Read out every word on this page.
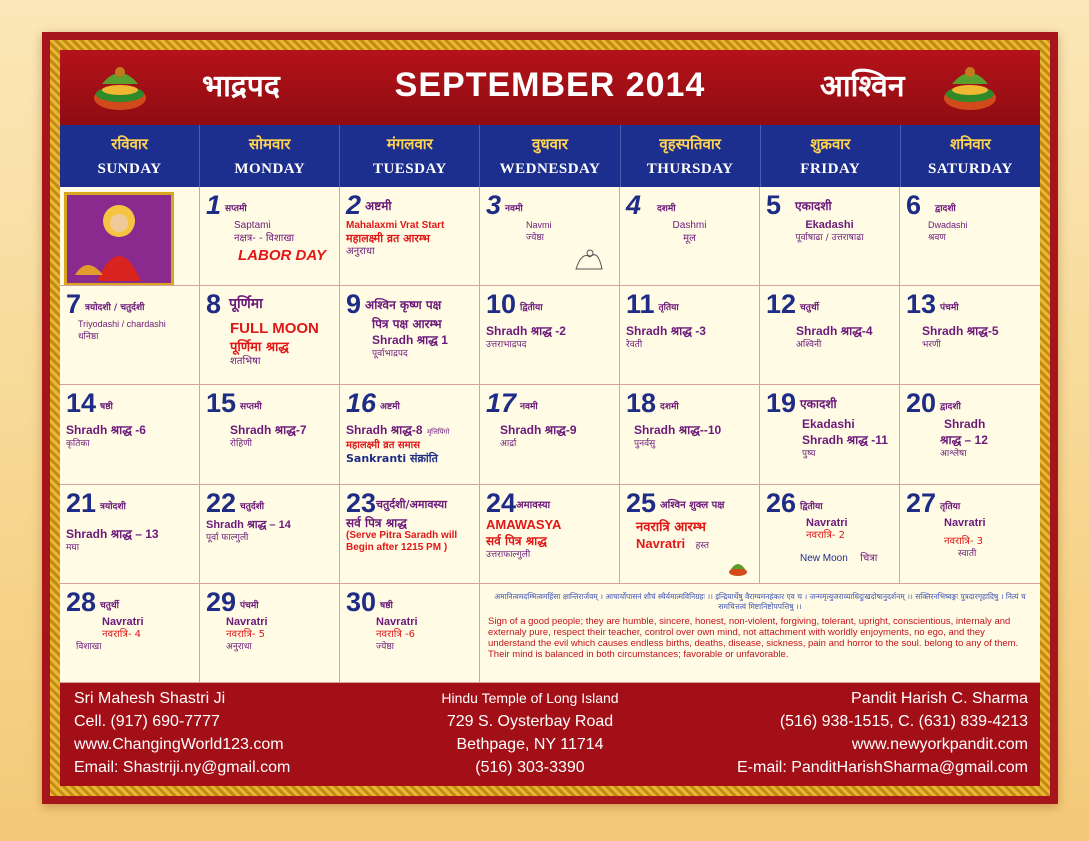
भाद्रपद	SEPTEMBER 2014	आश्विन
रविवार
SUNDAY
सोमवार
MONDAY
मंगलवार
TUESDAY
वुधवार
WEDNESDAY
वृहस्पतिवार
THURSDAY
शुक्रवार
FRIDAY
शनिवार
SATURDAY
1 सप्तमी
Saptami
नक्षत्र- - विशाखा
LABOR DAY
2 अष्टमी
Mahalaxmi Vrat Start
महालक्ष्मी व्रत आरम्भ
अनुराधा
3 नवमी
Navmi
ज्येष्ठा
4 दशमी
Dashmi
मूल
5 एकादशी
Ekadashi
पूर्वाषाढा / उत्तराषाढा
6 द्वादशी
Dwadashi
श्रवण
7 त्रयोदशी / चतुर्दशी
Triyodashi / chardashi
धनिष्ठा
8 पूर्णिमा
FULL MOON
पूर्णिमा श्राद्ध
शतभिषा
9 अश्विन कृष्ण पक्ष
पित्र पक्ष आरम्भ
Shradh श्राद्ध 1
पूर्वाभाद्रपद
10 द्वितीया
Shradh श्राद्ध -2
उत्तराभाद्रपद
11 तृतिया
Shradh श्राद्ध -3
रेवती
12 चतुर्थी
Shradh श्राद्ध-4
अश्विनी
13 पंचमी
Shradh श्राद्ध-5
भरणी
14 षष्ठी
Shradh श्राद्ध -6
कृतिका
15 सप्तमी
Shradh श्राद्ध-7
रोहिणी
16 अष्टमी
Shradh श्राद्ध-8 मृत्तिपिंगो
महालक्ष्मी व्रत समास
Sankranti संक्रांति
17 नवमी
Shradh श्राद्ध-9
आर्द्रा
18 दशमी
Shradh श्राद्ध--10
पुनर्वसु
19 एकादशी
Ekadashi
Shradh श्राद्ध -11
पुष्य
20 द्वादशी
Shradh
श्राद्ध – 12
आश्लेषा
21 त्रयोदशी
Shradh श्राद्ध – 13
मघा
22 चतुर्दशी
Shradh श्राद्ध – 14
पूर्वा फाल्गुली
23चतुर्दशी/अमावस्या
सर्व पित्र श्राद्ध
(Serve Pitra Saradh will Begin after 1215 PM )
24अमावस्या
AMAWASYA
सर्व पित्र श्राद्ध
उत्तराफाल्गुली
25 अश्विन शुक्ल पक्ष
नवरात्रि आरम्भ
Navratri हस्त
26 द्वितीया
Navratri
नवरात्रि- 2
New Moon चित्रा
27 तृतिया
Navratri
नवरात्रि- 3
स्वाती
28 चतुर्थी
Navratri
नवरात्रि- 4
विशाखा
29 पंचमी
Navratri
नवरात्रि- 5
अनुराधा
30 षष्ठी
Navratri
नवरात्रि -6
ज्येष्ठा
अमानित्वमदम्भित्वमहिंसा क्षान्तिरार्जवम् । आचार्योपासनं शौचं स्थैर्यमात्मविनिग्रहः ।। इन्द्रियार्थेषु वैराग्यमनहंकार एव च । जन्ममृत्युजराव्याधिदुःखदोषानुदर्शनम् ।। सक्तिरनभिष्वङ्गः पुत्रदारगृहादिषु । नित्यं च समचित्तत्वं मिष्टानिष्टोपपत्तिषु ।।
Sign of a good people; they are humble, sincere, honest, non-violent, forgiving, tolerant, upright, conscientious, internaly and externaly pure, respect their teacher, control over own mind, not attachment with worldly enjoyments, no ego, and they understand the evil which causes endless births, deaths, disease, sickness, pain and horror to the soul. belong to any of them. Their mind is balanced in both circumstances; favorable or unfavorable.
Sri Mahesh Shastri Ji
Cell. (917) 690-7777
www.ChangingWorld123.com
Email: Shastriji.ny@gmail.com
Hindu Temple of Long Island
729 S. Oysterbay Road
Bethpage, NY 11714
(516) 303-3390
Pandit Harish C. Sharma
(516) 938-1515, C. (631) 839-4213
www.newyorkpandit.com
E-mail: PanditHarishSharma@gmail.com
